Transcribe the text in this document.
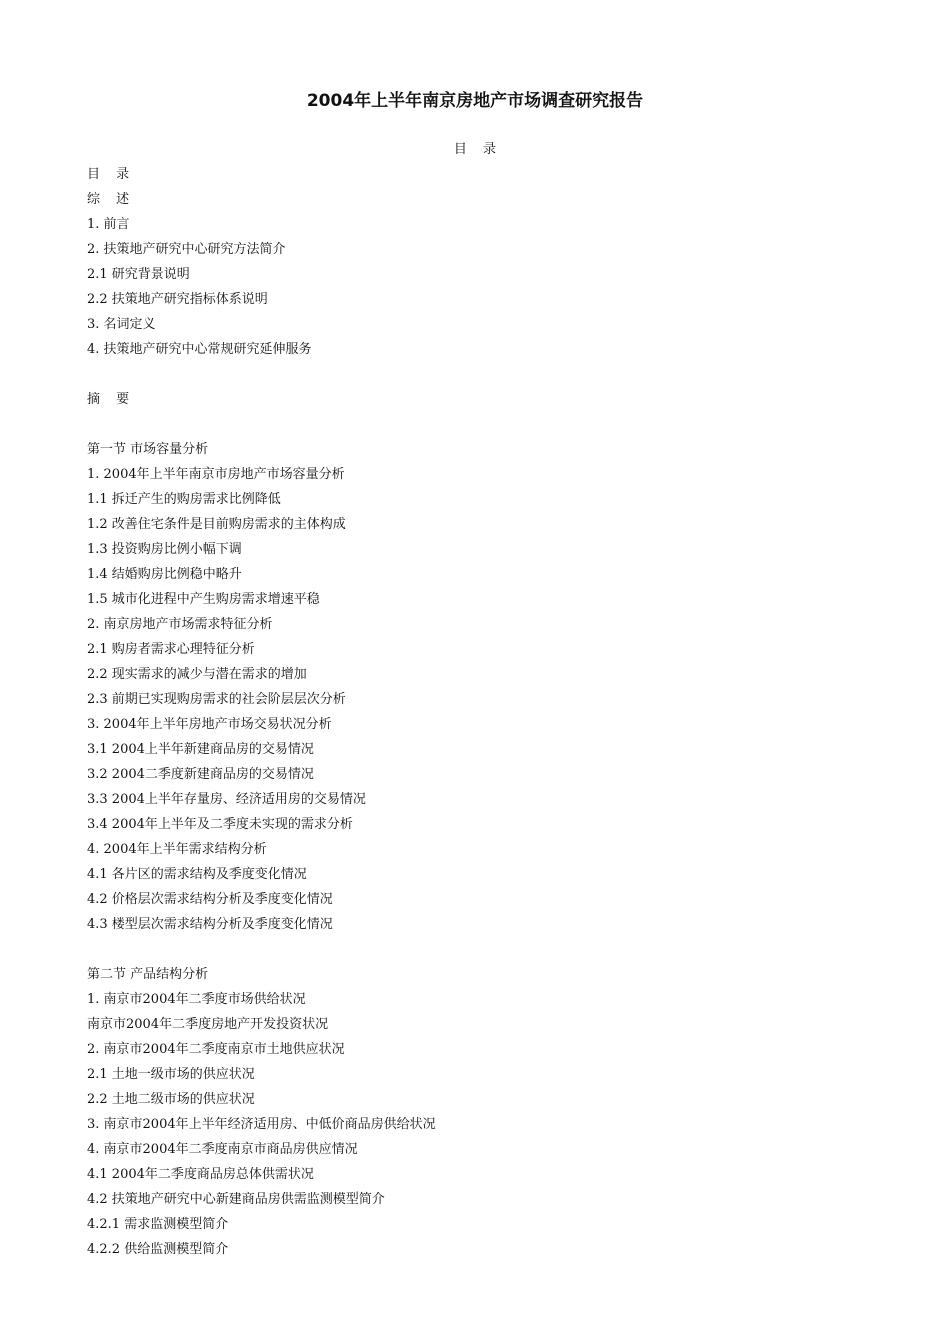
2004年上半年南京房地产市场调查研究报告
目 录
目 录
综 述
1. 前言
2. 扶策地产研究中心研究方法简介
2.1 研究背景说明
2.2 扶策地产研究指标体系说明
3. 名词定义
4. 扶策地产研究中心常规研究延伸服务
摘 要
第一节 市场容量分析
1. 2004年上半年南京市房地产市场容量分析
1.1 拆迁产生的购房需求比例降低
1.2 改善住宅条件是目前购房需求的主体构成
1.3 投资购房比例小幅下调
1.4 结婚购房比例稳中略升
1.5 城市化进程中产生购房需求增速平稳
2. 南京房地产市场需求特征分析
2.1 购房者需求心理特征分析
2.2 现实需求的减少与潜在需求的增加
2.3 前期已实现购房需求的社会阶层层次分析
3. 2004年上半年房地产市场交易状况分析
3.1 2004上半年新建商品房的交易情况
3.2 2004二季度新建商品房的交易情况
3.3 2004上半年存量房、经济适用房的交易情况
3.4 2004年上半年及二季度未实现的需求分析
4. 2004年上半年需求结构分析
4.1 各片区的需求结构及季度变化情况
4.2 价格层次需求结构分析及季度变化情况
4.3 楼型层次需求结构分析及季度变化情况
第二节 产品结构分析
1. 南京市2004年二季度市场供给状况
南京市2004年二季度房地产开发投资状况
2. 南京市2004年二季度南京市土地供应状况
2.1 土地一级市场的供应状况
2.2 土地二级市场的供应状况
3. 南京市2004年上半年经济适用房、中低价商品房供给状况
4. 南京市2004年二季度南京市商品房供应情况
4.1 2004年二季度商品房总体供需状况
4.2 扶策地产研究中心新建商品房供需监测模型简介
4.2.1 需求监测模型简介
4.2.2 供给监测模型简介
